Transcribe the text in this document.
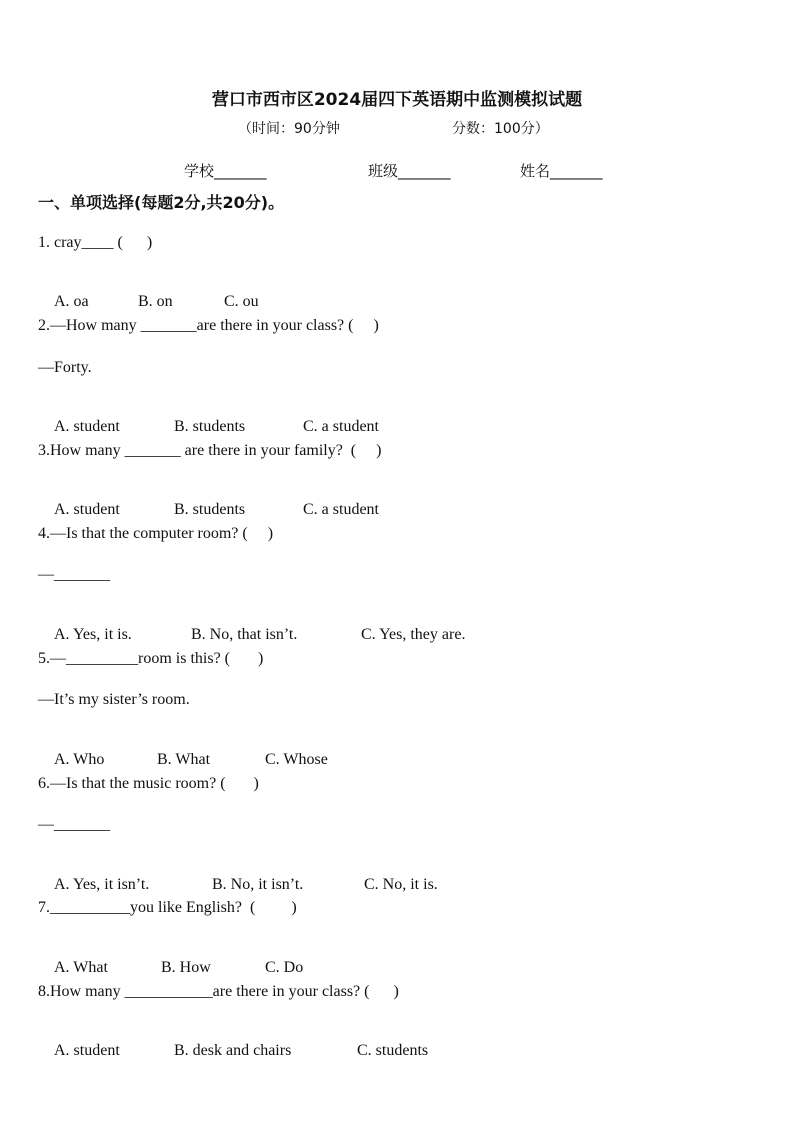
营口市西市区2024届四下英语期中监测模拟试题
（时间：90分钟	分数：100分）
学校_______	班级_______	姓名_______
一、单项选择(每题2分,共20分)。
1. cray____ (      )

A. oa	B. on	C. ou

2.—How many _______are there in your class? (     )
—Forty.

A. student	B. students	C. a student

3.How many _______ are there in your family?  (     )

A. student	B. students	C. a student

4.—Is that the computer room? (     )
—_______

A. Yes, it is.	B. No, that isn’t.	C. Yes, they are.

5.—_________room is this? (       )
—It’s my sister’s room.

A. Who	B. What	C. Whose

6.—Is that the music room? (       )
—_______

A. Yes, it isn’t.	B. No, it isn’t.	C. No, it is.

7.__________you like English?  (         )

A. What	B. How	C. Do

8.How many ___________are there in your class? (      )

A. student	B. desk and chairs	C. students
